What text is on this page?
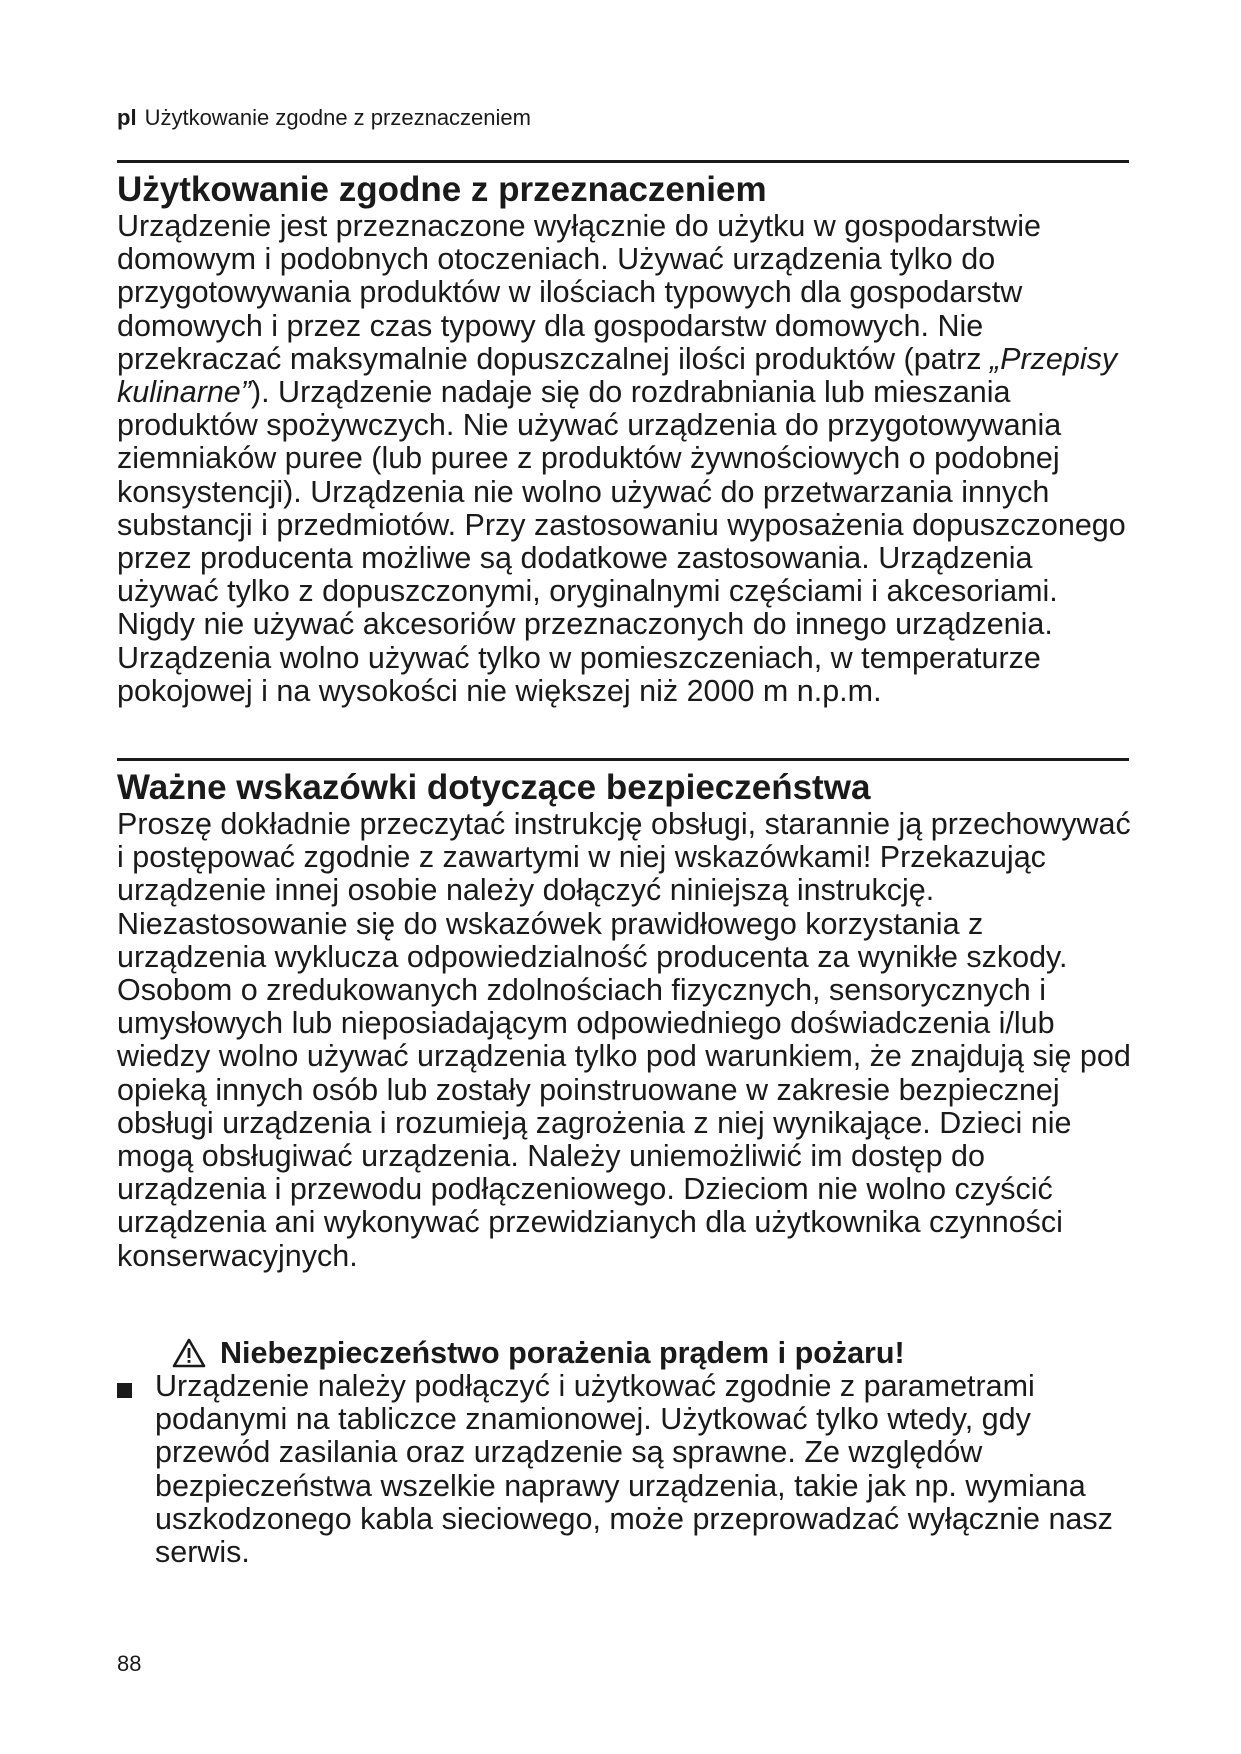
pl Użytkowanie zgodne z przeznaczeniem
Użytkowanie zgodne z przeznaczeniem

Urządzenie jest przeznaczone wyłącznie do użytku w gospodarstwie domowym i podobnych otoczeniach. Używać urządzenia tylko do przygotowywania produktów w ilościach typowych dla gospodarstw domowych i przez czas typowy dla gospodarstw domowych. Nie przekraczać maksymalnie dopuszczalnej ilości produktów (patrz „Przepisy kulinarne”). Urządzenie nadaje się do rozdrabniania lub mieszania produktów spożywczych. Nie używać urządzenia do przygotowywania ziemniaków puree (lub puree z produktów żywnościowych o podobnej konsystencji). Urządzenia nie wolno używać do przetwarzania innych substancji i przedmiotów. Przy zastosowaniu wyposażenia dopuszczonego przez producenta możliwe są dodatkowe zastosowania. Urządzenia używać tylko z dopuszczonymi, oryginalnymi częściami i akcesoriami. Nigdy nie używać akcesoriów przeznaczonych do innego urządzenia. Urządzenia wolno używać tylko w pomieszczeniach, w temperaturze pokojowej i na wysokości nie większej niż 2000 m n.p.m.

Ważne wskazówki dotyczące bezpieczeństwa

Proszę dokładnie przeczytać instrukcję obsługi, starannie ją przechowywać i postępować zgodnie z zawartymi w niej wskazówkami! Przekazując urządzenie innej osobie należy dołączyć niniejszą instrukcję. Niezastosowanie się do wskazówek prawidłowego korzystania z urządzenia wyklucza odpowiedzialność producenta za wynikłe szkody.

Osobom o zredukowanych zdolnościach fizycznych, sensorycznych i umysłowych lub nieposiadającym odpowiedniego doświadczenia i/lub wiedzy wolno używać urządzenia tylko pod warunkiem, że znajdują się pod opieką innych osób lub zostały poinstruowane w zakresie bezpiecznej obsługi urządzenia i rozumieją zagrożenia z niej wynikające. Dzieci nie mogą obsługiwać urządzenia. Należy uniemożliwić im dostęp do urządzenia i przewodu podłączeniowego. Dzieciom nie wolno czyścić urządzenia ani wykonywać przewidzianych dla użytkownika czynności konserwacyjnych.

Niebezpieczeństwo porażenia prądem i pożaru!

Urządzenie należy podłączyć i użytkować zgodnie z parametrami podanymi na tabliczce znamionowej. Użytkować tylko wtedy, gdy przewód zasilania oraz urządzenie są sprawne. Ze względów bezpieczeństwa wszelkie naprawy urządzenia, takie jak np. wymiana uszkodzonego kabla sieciowego, może przeprowadzać wyłącznie nasz serwis.

88
